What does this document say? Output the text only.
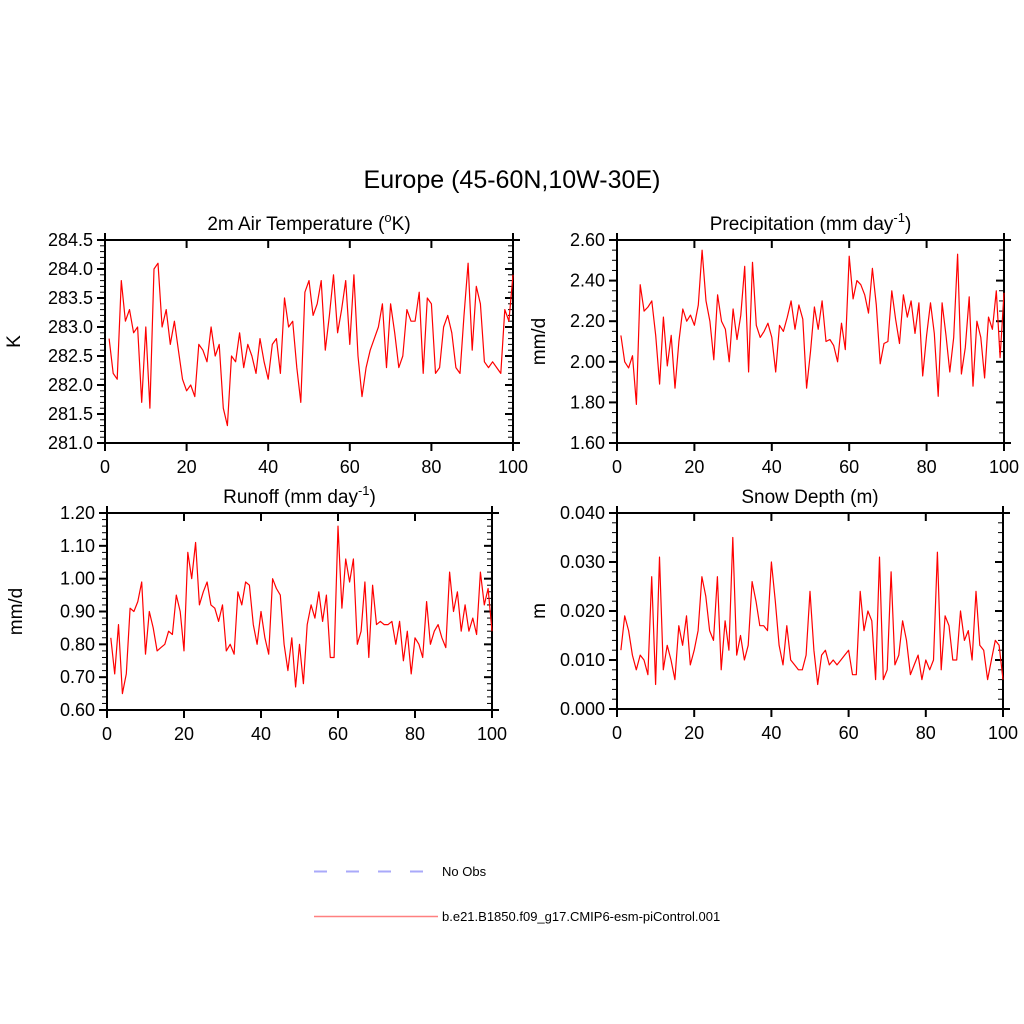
Europe (45-60N,10W-30E)
0	20	40	60	80	100
281.0
281.5
282.0
282.5
283.0
283.5
284.0
284.5
2m Air Temperature ($^o$K)
K
0	20	40	60	80	100
1.60
1.80
2.00
2.20
2.40
2.60
Precipitation (mm day$^{-1}$)
mm/d
0	20	40	60	80	100
0.60
0.70
0.80
0.90
1.00
1.10
1.20
Runoff (mm day$^{-1}$)
mm/d
0	20	40	60	80	100
0.000
0.010
0.020
0.030
0.040
Snow Depth (m)
m
No Obs
b.e21.B1850.f09_g17.CMIP6-esm-piControl.001
